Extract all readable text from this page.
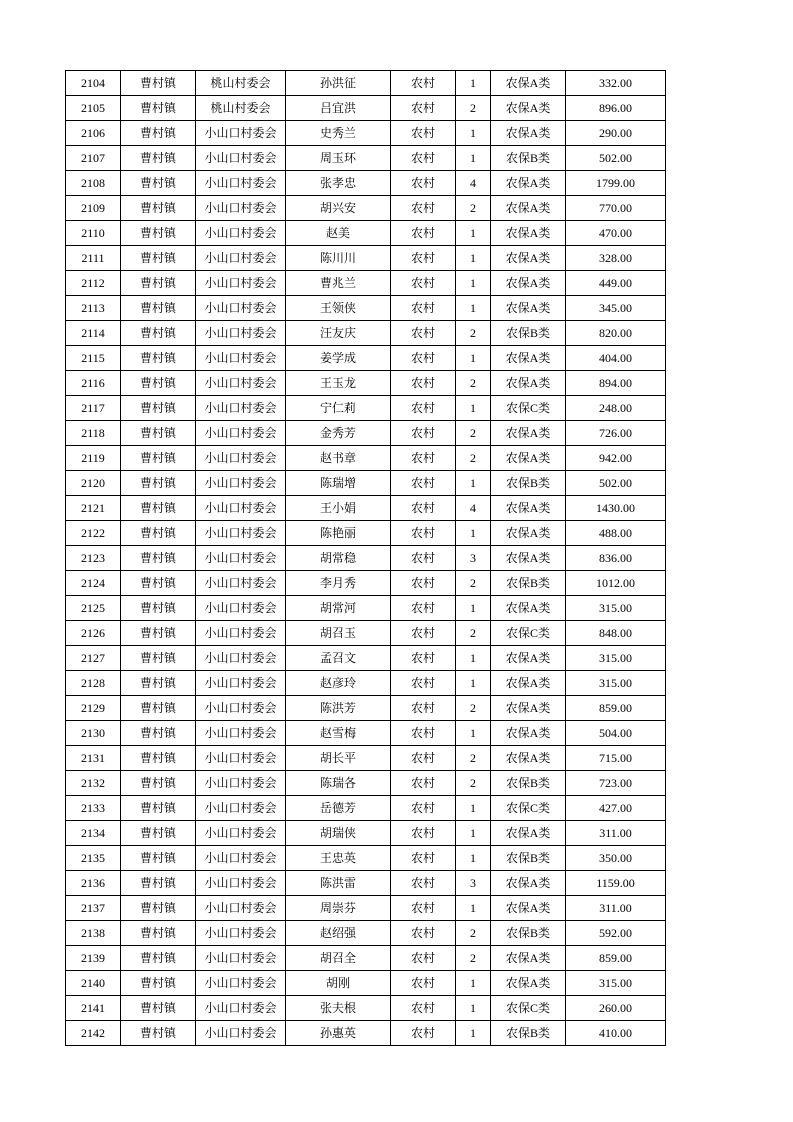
2104	曹村镇	桃山村委会	孙洪征	农村	1	农保A类	332.00
2105	曹村镇	桃山村委会	吕宜洪	农村	2	农保A类	896.00
2106	曹村镇	小山口村委会	史秀兰	农村	1	农保A类	290.00
2107	曹村镇	小山口村委会	周玉环	农村	1	农保B类	502.00
2108	曹村镇	小山口村委会	张孝忠	农村	4	农保A类	1799.00
2109	曹村镇	小山口村委会	胡兴安	农村	2	农保A类	770.00
2110	曹村镇	小山口村委会	赵美	农村	1	农保A类	470.00
2111	曹村镇	小山口村委会	陈川川	农村	1	农保A类	328.00
2112	曹村镇	小山口村委会	曹兆兰	农村	1	农保A类	449.00
2113	曹村镇	小山口村委会	王领侠	农村	1	农保A类	345.00
2114	曹村镇	小山口村委会	汪友庆	农村	2	农保B类	820.00
2115	曹村镇	小山口村委会	姜学成	农村	1	农保A类	404.00
2116	曹村镇	小山口村委会	王玉龙	农村	2	农保A类	894.00
2117	曹村镇	小山口村委会	宁仁莉	农村	1	农保C类	248.00
2118	曹村镇	小山口村委会	金秀芳	农村	2	农保A类	726.00
2119	曹村镇	小山口村委会	赵书章	农村	2	农保A类	942.00
2120	曹村镇	小山口村委会	陈瑞增	农村	1	农保B类	502.00
2121	曹村镇	小山口村委会	王小娟	农村	4	农保A类	1430.00
2122	曹村镇	小山口村委会	陈艳丽	农村	1	农保A类	488.00
2123	曹村镇	小山口村委会	胡常稳	农村	3	农保A类	836.00
2124	曹村镇	小山口村委会	李月秀	农村	2	农保B类	1012.00
2125	曹村镇	小山口村委会	胡常河	农村	1	农保A类	315.00
2126	曹村镇	小山口村委会	胡召玉	农村	2	农保C类	848.00
2127	曹村镇	小山口村委会	孟召文	农村	1	农保A类	315.00
2128	曹村镇	小山口村委会	赵彦玲	农村	1	农保A类	315.00
2129	曹村镇	小山口村委会	陈洪芳	农村	2	农保A类	859.00
2130	曹村镇	小山口村委会	赵雪梅	农村	1	农保A类	504.00
2131	曹村镇	小山口村委会	胡长平	农村	2	农保A类	715.00
2132	曹村镇	小山口村委会	陈瑞各	农村	2	农保B类	723.00
2133	曹村镇	小山口村委会	岳德芳	农村	1	农保C类	427.00
2134	曹村镇	小山口村委会	胡瑞侠	农村	1	农保A类	311.00
2135	曹村镇	小山口村委会	王忠英	农村	1	农保B类	350.00
2136	曹村镇	小山口村委会	陈洪雷	农村	3	农保A类	1159.00
2137	曹村镇	小山口村委会	周崇芬	农村	1	农保A类	311.00
2138	曹村镇	小山口村委会	赵绍强	农村	2	农保B类	592.00
2139	曹村镇	小山口村委会	胡召全	农村	2	农保A类	859.00
2140	曹村镇	小山口村委会	胡刚	农村	1	农保A类	315.00
2141	曹村镇	小山口村委会	张夫根	农村	1	农保C类	260.00
2142	曹村镇	小山口村委会	孙惠英	农村	1	农保B类	410.00
